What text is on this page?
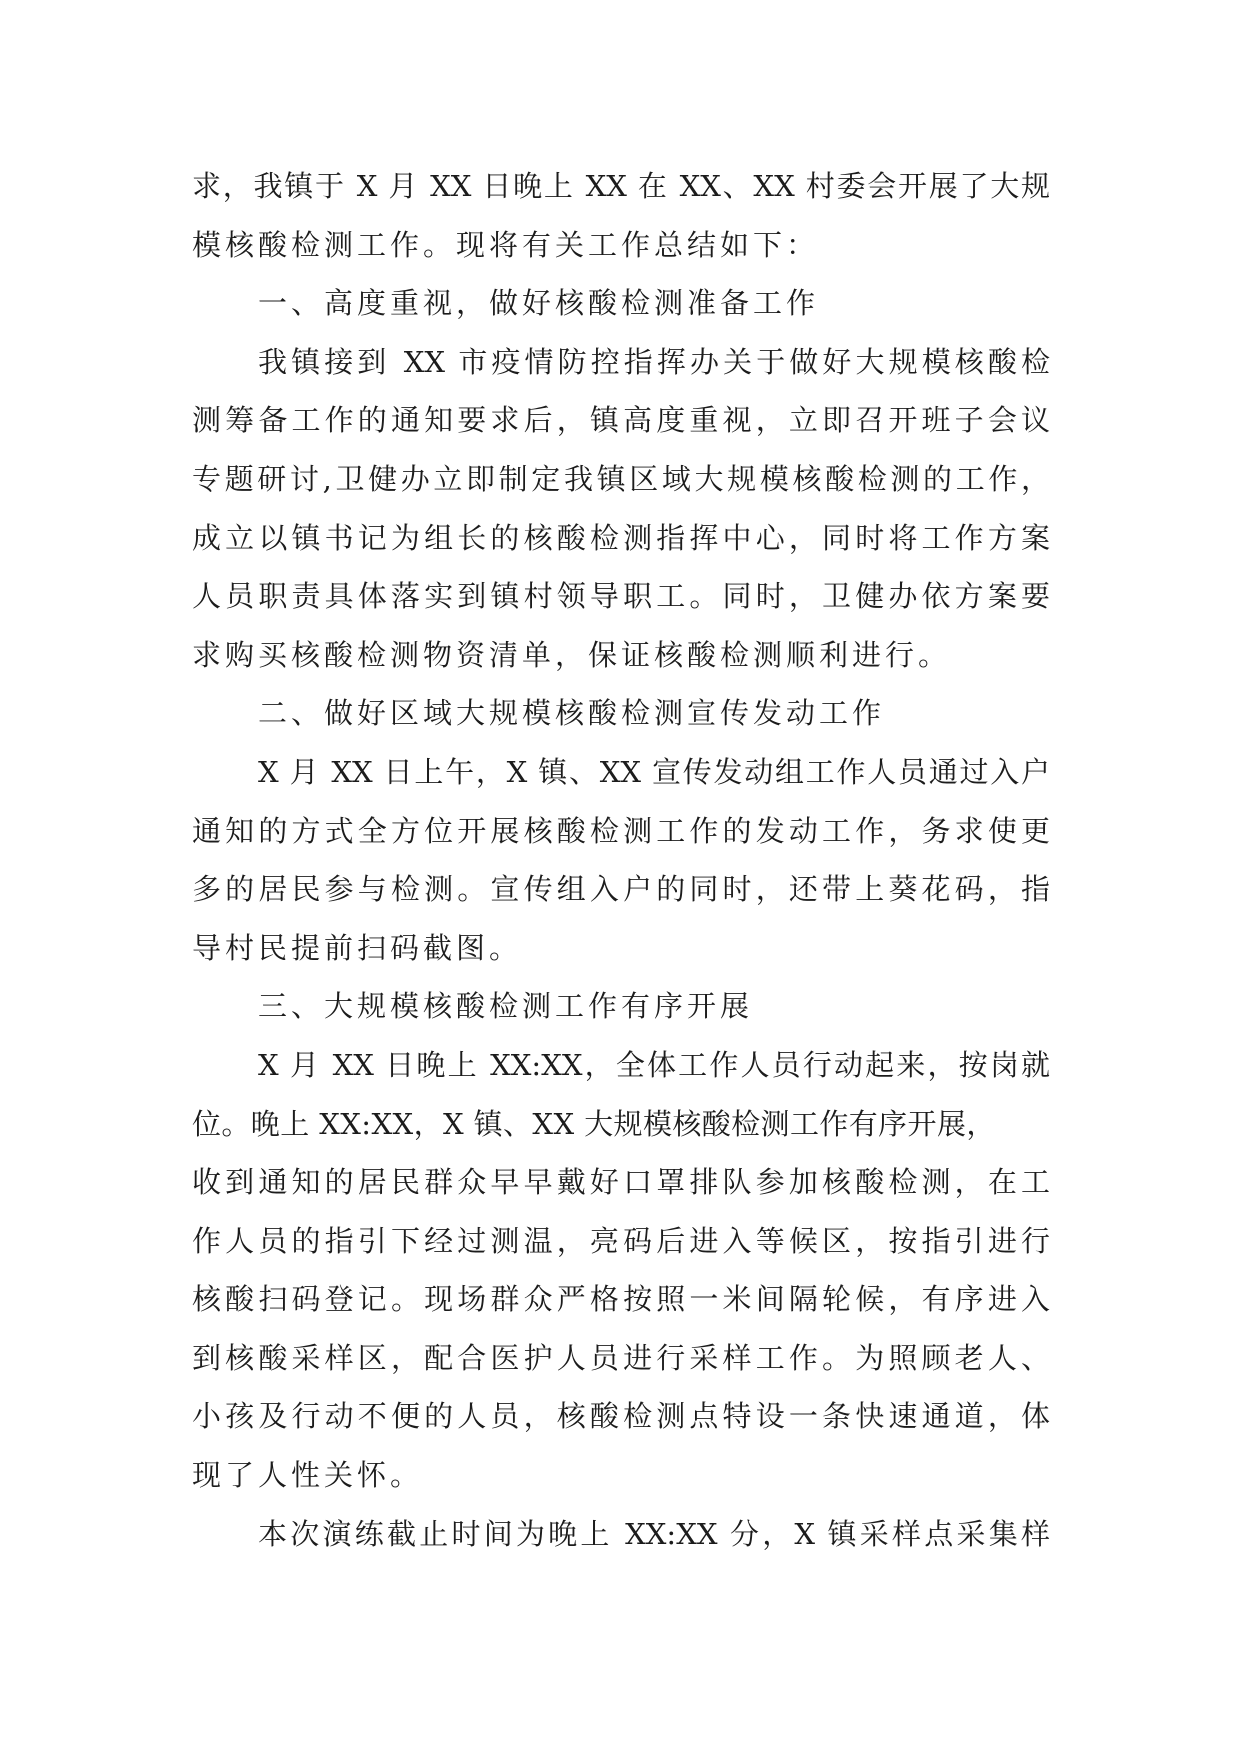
求，我镇于 X 月 XX 日晚上 XX 在 XX、XX 村委会开展了大规
模核酸检测工作。现将有关工作总结如下：
一、高度重视，做好核酸检测准备工作
我镇接到 XX 市疫情防控指挥办关于做好大规模核酸检
测筹备工作的通知要求后，镇高度重视，立即召开班子会议
专题研讨,卫健办立即制定我镇区域大规模核酸检测的工作，
成立以镇书记为组长的核酸检测指挥中心，同时将工作方案
人员职责具体落实到镇村领导职工。同时，卫健办依方案要
求购买核酸检测物资清单，保证核酸检测顺利进行。
二、做好区域大规模核酸检测宣传发动工作
X 月 XX 日上午，X 镇、XX 宣传发动组工作人员通过入户
通知的方式全方位开展核酸检测工作的发动工作，务求使更
多的居民参与检测。宣传组入户的同时，还带上葵花码，指
导村民提前扫码截图。
三、大规模核酸检测工作有序开展
X 月 XX 日晚上 XX:XX，全体工作人员行动起来，按岗就
位。晚上 XX:XX，X 镇、XX 大规模核酸检测工作有序开展，
收到通知的居民群众早早戴好口罩排队参加核酸检测，在工
作人员的指引下经过测温，亮码后进入等候区，按指引进行
核酸扫码登记。现场群众严格按照一米间隔轮候，有序进入
到核酸采样区，配合医护人员进行采样工作。为照顾老人、
小孩及行动不便的人员，核酸检测点特设一条快速通道，体
现了人性关怀。
本次演练截止时间为晚上 XX:XX 分，X 镇采样点采集样
